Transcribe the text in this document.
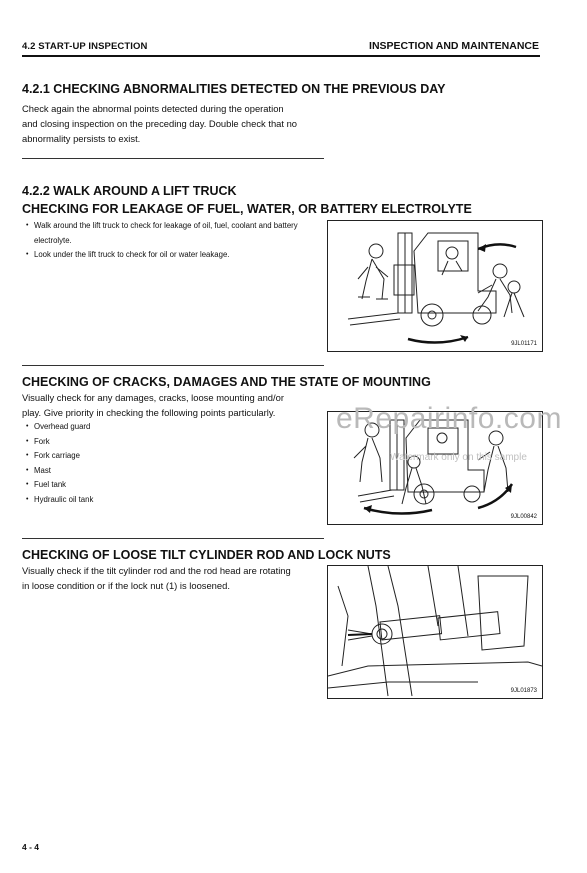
4.2 START-UP INSPECTION	INSPECTION AND MAINTENANCE
4.2.1 CHECKING ABNORMALITIES DETECTED ON THE PREVIOUS DAY
Check again the abnormal points detected during the operation
and closing inspection on the preceding day. Double check that no
abnormality persists to exist.
4.2.2 WALK AROUND A LIFT TRUCK
CHECKING FOR LEAKAGE OF FUEL, WATER, OR BATTERY ELECTROLYTE
• Walk around the lift truck to check for leakage of oil, fuel, coolant and battery
electrolyte.
• Look under the lift truck to check for oil or water leakage.
9JL01171
CHECKING OF CRACKS, DAMAGES AND THE STATE OF MOUNTING
Visually check for any damages, cracks, loose mounting and/or
play. Give priority in checking the following points particularly.
• Overhead guard
• Fork
• Fork carriage
• Mast
• Fuel tank
• Hydraulic oil tank
9JL00842
CHECKING OF LOOSE TILT CYLINDER ROD AND LOCK NUTS
Visually check if the tilt cylinder rod and the rod head are rotating
in loose condition or if the lock nut (1) is loosened.
9JL01873
eRepairinfo.com
Watermark only on this sample
4 - 4
